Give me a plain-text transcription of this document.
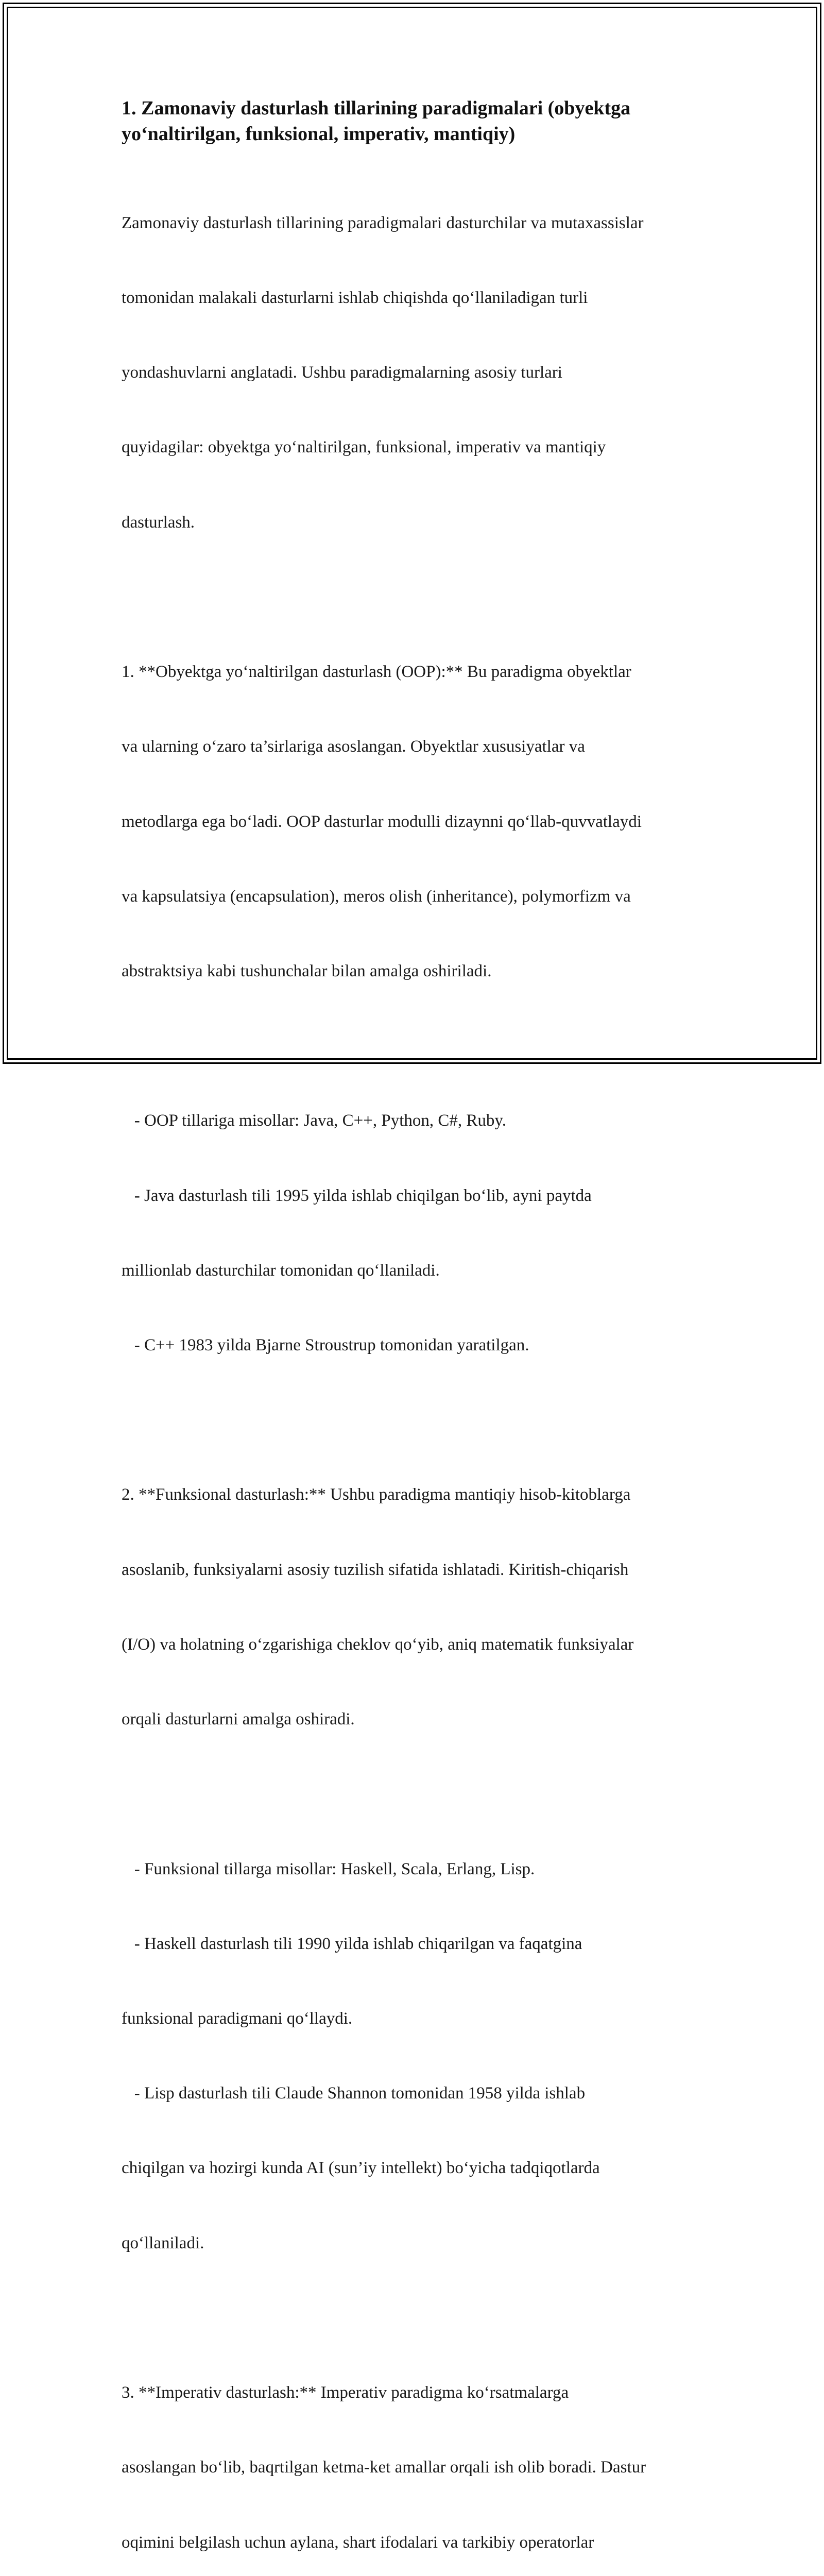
1. Zamonaviy dasturlash tillarining paradigmalari (obyektga
yo‘naltirilgan, funksional, imperativ, mantiqiy)

Zamonaviy dasturlash tillarining paradigmalari dasturchilar va mutaxassislar

tomonidan malakali dasturlarni ishlab chiqishda qo‘llaniladigan turli

yondashuvlarni anglatadi. Ushbu paradigmalarning asosiy turlari

quyidagilar: obyektga yo‘naltirilgan, funksional, imperativ va mantiqiy

dasturlash.

1. **Obyektga yo‘naltirilgan dasturlash (OOP):** Bu paradigma obyektlar

va ularning o‘zaro ta’sirlariga asoslangan. Obyektlar xususiyatlar va

metodlarga ega bo‘ladi. OOP dasturlar modulli dizaynni qo‘llab-quvvatlaydi

va kapsulatsiya (encapsulation), meros olish (inheritance), polymorfizm va

abstraktsiya kabi tushunchalar bilan amalga oshiriladi.

- OOP tillariga misollar: Java, C++, Python, C#, Ruby.

- Java dasturlash tili 1995 yilda ishlab chiqilgan bo‘lib, ayni paytda

millionlab dasturchilar tomonidan qo‘llaniladi.

- C++ 1983 yilda Bjarne Stroustrup tomonidan yaratilgan.

2. **Funksional dasturlash:** Ushbu paradigma mantiqiy hisob-kitoblarga

asoslanib, funksiyalarni asosiy tuzilish sifatida ishlatadi. Kiritish-chiqarish

(I/O) va holatning o‘zgarishiga cheklov qo‘yib, aniq matematik funksiyalar

orqali dasturlarni amalga oshiradi.

- Funksional tillarga misollar: Haskell, Scala, Erlang, Lisp.

- Haskell dasturlash tili 1990 yilda ishlab chiqarilgan va faqatgina

funksional paradigmani qo‘llaydi.

- Lisp dasturlash tili Claude Shannon tomonidan 1958 yilda ishlab

chiqilgan va hozirgi kunda AI (sun’iy intellekt) bo‘yicha tadqiqotlarda

qo‘llaniladi.

3. **Imperativ dasturlash:** Imperativ paradigma ko‘rsatmalarga

asoslangan bo‘lib, baqrtilgan ketma-ket amallar orqali ish olib boradi. Dastur

oqimini belgilash uchun aylana, shart ifodalari va tarkibiy operatorlar
